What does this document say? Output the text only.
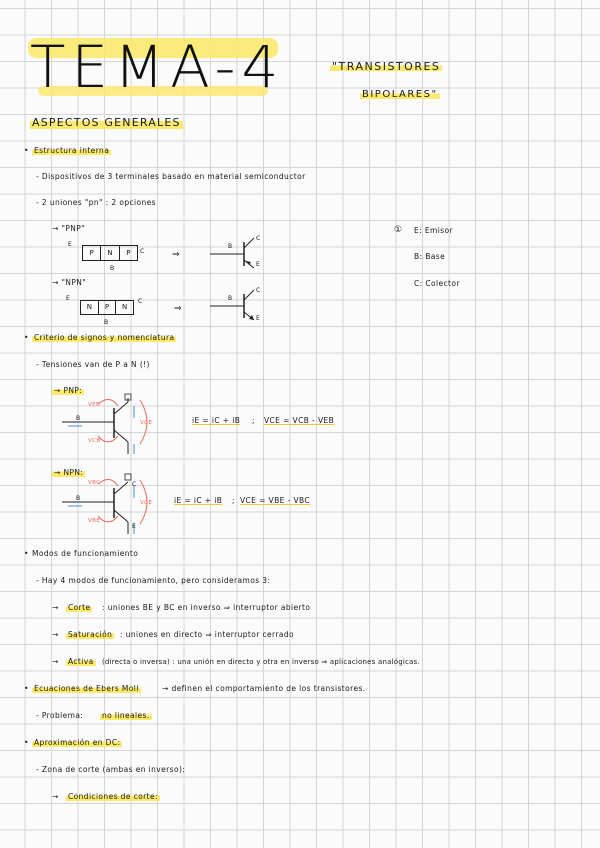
TEMA-4	"TRANSISTORES
BIPOLARES"
ASPECTOS GENERALES
• Estructura interna
- Dispositivos de 3 terminales basado en material semiconductor
- 2 uniones "pn" : 2 opciones
→ "PNP"
→ "NPN"
E
P	N	P	C
B
⇒
E
N	P	N
C
B
⇒
B
C
E
B
C
E
① E: Emisor
B: Base
C: Colector
• Criterio de signos y nomenclatura
- Tensiones van de P a N (!)
→ PNP:
VEB
VCB
VCE
B	iE = iC + iB ; VCE = VCB - VEB
→ NPN:
VBC
VBE
VCE
B
C
E
iE = iC + iB ; VCE = VBE - VBC
• Modos de funcionamiento
- Hay 4 modos de funcionamiento, pero consideramos 3:
→ Corte : uniones BE y BC en inverso ⇒ interruptor abierto
→ Saturación : uniones en directo ⇒ interruptor cerrado
→ Activa (directa o inversa) : una unión en directo y otra en inverso ⇒ aplicaciones analógicas.
• Ecuaciones de Ebers Moll	→ definen el comportamiento de los transistores.
- Problema: no lineales.
• Aproximación en DC:
- Zona de corte (ambas en inverso):
→ Condiciones de corte:
